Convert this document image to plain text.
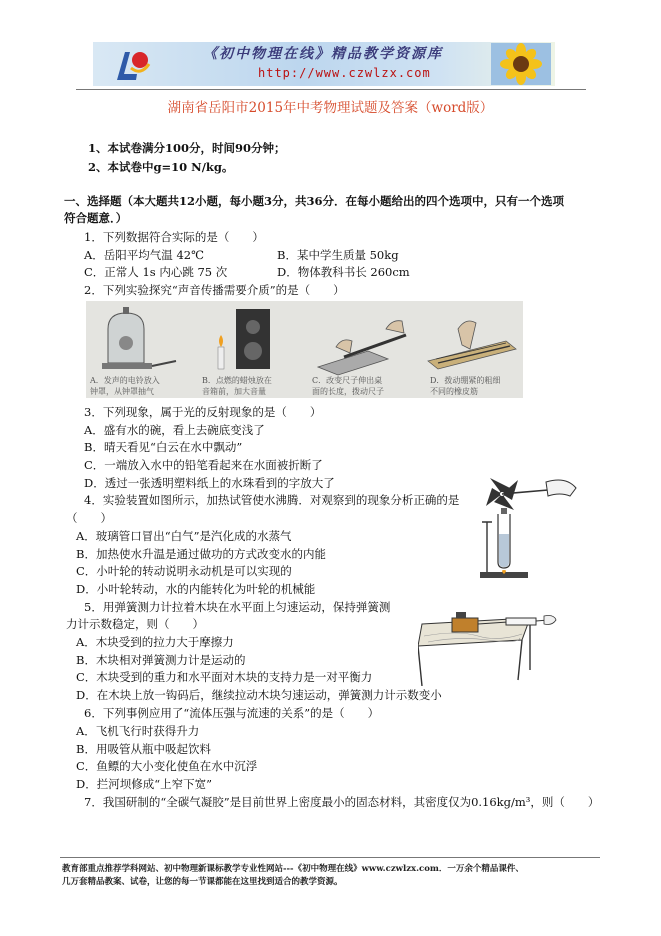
《初中物理在线》精品教学资源库
http://www.czwlzx.com
湖南省岳阳市2015年中考物理试题及答案（word版）
1、本试卷满分100分，时间90分钟；
2、本试卷中g=10 N/kg。
一、选择题（本大题共12小题，每小题3分，共36分．在每小题给出的四个选项中，只有一个选项
符合题意．）
1．下列数据符合实际的是（　　）
A．岳阳平均气温 42℃	B．某中学生质量 50kg
C．正常人 1s 内心跳 75 次	D．物体教科书长 260cm
2．下列实验探究“声音传播需要介质”的是（　　）
A．发声的电铃放入
钟罩，从钟罩抽气
B．点燃的蜡烛放在
音箱前，加大音量
C．改变尺子伸出桌
面的长度，拨动尺子
D．拨动绷紧的粗细
不同的橡皮筋
3．下列现象，属于光的反射现象的是（　　）
A．盛有水的碗，看上去碗底变浅了
B．晴天看见“白云在水中飘动”
C．一端放入水中的铅笔看起来在水面被折断了
D．透过一张透明塑料纸上的水珠看到的字放大了
4．实验装置如图所示，加热试管使水沸腾．对观察到的现象分析正确的是
（　　）
A．玻璃管口冒出“白气”是汽化成的水蒸气
B．加热使水升温是通过做功的方式改变水的内能
C．小叶轮的转动说明永动机是可以实现的
D．小叶轮转动，水的内能转化为叶轮的机械能
5．用弹簧测力计拉着木块在水平面上匀速运动，保持弹簧测
力计示数稳定，则（　　）
A．木块受到的拉力大于摩擦力
B．木块相对弹簧测力计是运动的
C．木块受到的重力和水平面对木块的支持力是一对平衡力
D．在木块上放一钩码后，继续拉动木块匀速运动，弹簧测力计示数变小
6．下列事例应用了“流体压强与流速的关系”的是（　　）
A．飞机飞行时获得升力
B．用吸管从瓶中吸起饮料
C．鱼鳔的大小变化使鱼在水中沉浮
D．拦河坝修成“上窄下宽”
7．我国研制的“全碳气凝胶”是目前世界上密度最小的固态材料，其密度仅为0.16kg/m³，则（　　）
教育部重点推荐学科网站、初中物理新课标教学专业性网站---《初中物理在线》www.czwlzx.com．一万余个精品课件、
几万套精品教案、试卷，让您的每一节课都能在这里找到适合的教学资源。
